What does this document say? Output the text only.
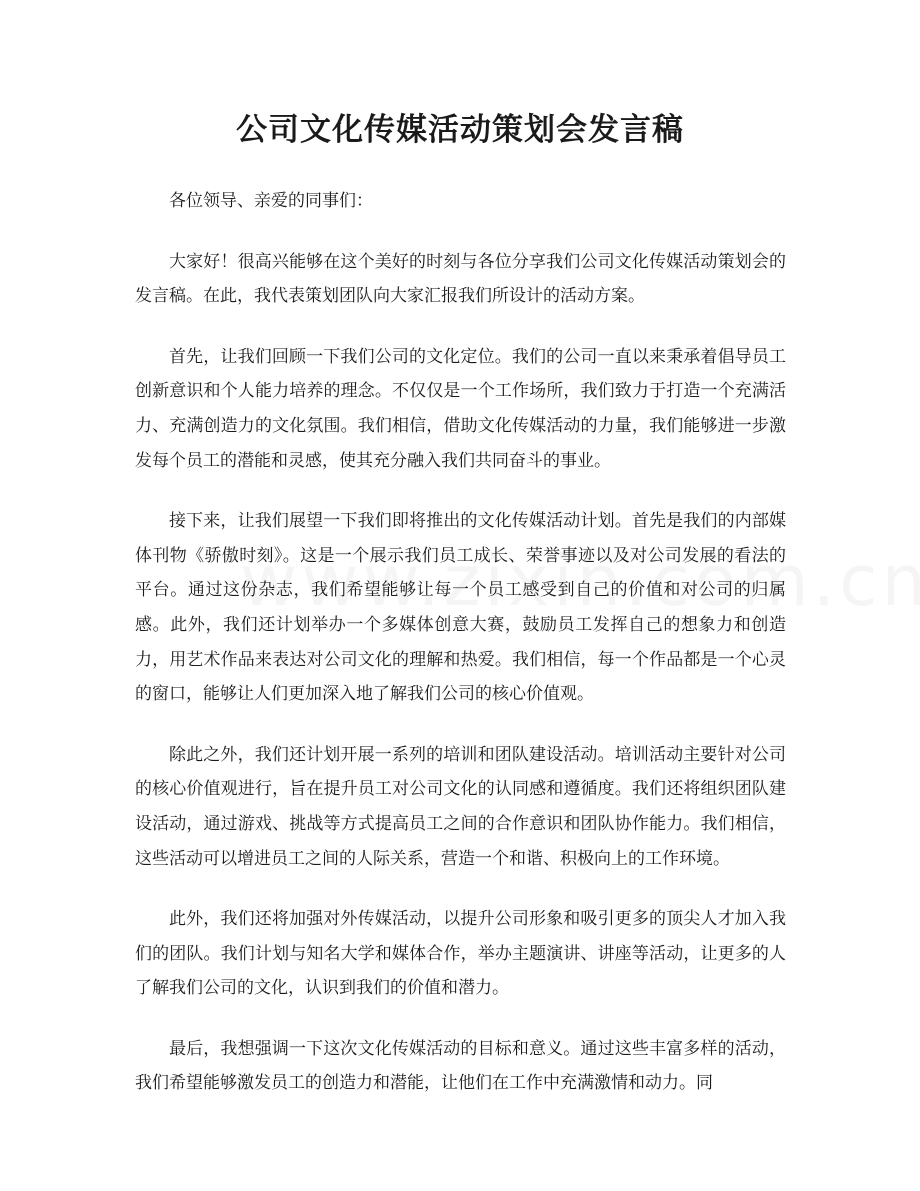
公司文化传媒活动策划会发言稿

各位领导、亲爱的同事们：

大家好！很高兴能够在这个美好的时刻与各位分享我们公司文化传媒活动策划会的发言稿。在此，我代表策划团队向大家汇报我们所设计的活动方案。

首先，让我们回顾一下我们公司的文化定位。我们的公司一直以来秉承着倡导员工创新意识和个人能力培养的理念。不仅仅是一个工作场所，我们致力于打造一个充满活力、充满创造力的文化氛围。我们相信，借助文化传媒活动的力量，我们能够进一步激发每个员工的潜能和灵感，使其充分融入我们共同奋斗的事业。

接下来，让我们展望一下我们即将推出的文化传媒活动计划。首先是我们的内部媒体刊物《骄傲时刻》。这是一个展示我们员工成长、荣誉事迹以及对公司发展的看法的平台。通过这份杂志，我们希望能够让每一个员工感受到自己的价值和对公司的归属感。此外，我们还计划举办一个多媒体创意大赛，鼓励员工发挥自己的想象力和创造力，用艺术作品来表达对公司文化的理解和热爱。我们相信，每一个作品都是一个心灵的窗口，能够让人们更加深入地了解我们公司的核心价值观。

除此之外，我们还计划开展一系列的培训和团队建设活动。培训活动主要针对公司的核心价值观进行，旨在提升员工对公司文化的认同感和遵循度。我们还将组织团队建设活动，通过游戏、挑战等方式提高员工之间的合作意识和团队协作能力。我们相信，这些活动可以增进员工之间的人际关系，营造一个和谐、积极向上的工作环境。

此外，我们还将加强对外传媒活动，以提升公司形象和吸引更多的顶尖人才加入我们的团队。我们计划与知名大学和媒体合作，举办主题演讲、讲座等活动，让更多的人了解我们公司的文化，认识到我们的价值和潜力。

最后，我想强调一下这次文化传媒活动的目标和意义。通过这些丰富多样的活动，我们希望能够激发员工的创造力和潜能，让他们在工作中充满激情和动力。同
